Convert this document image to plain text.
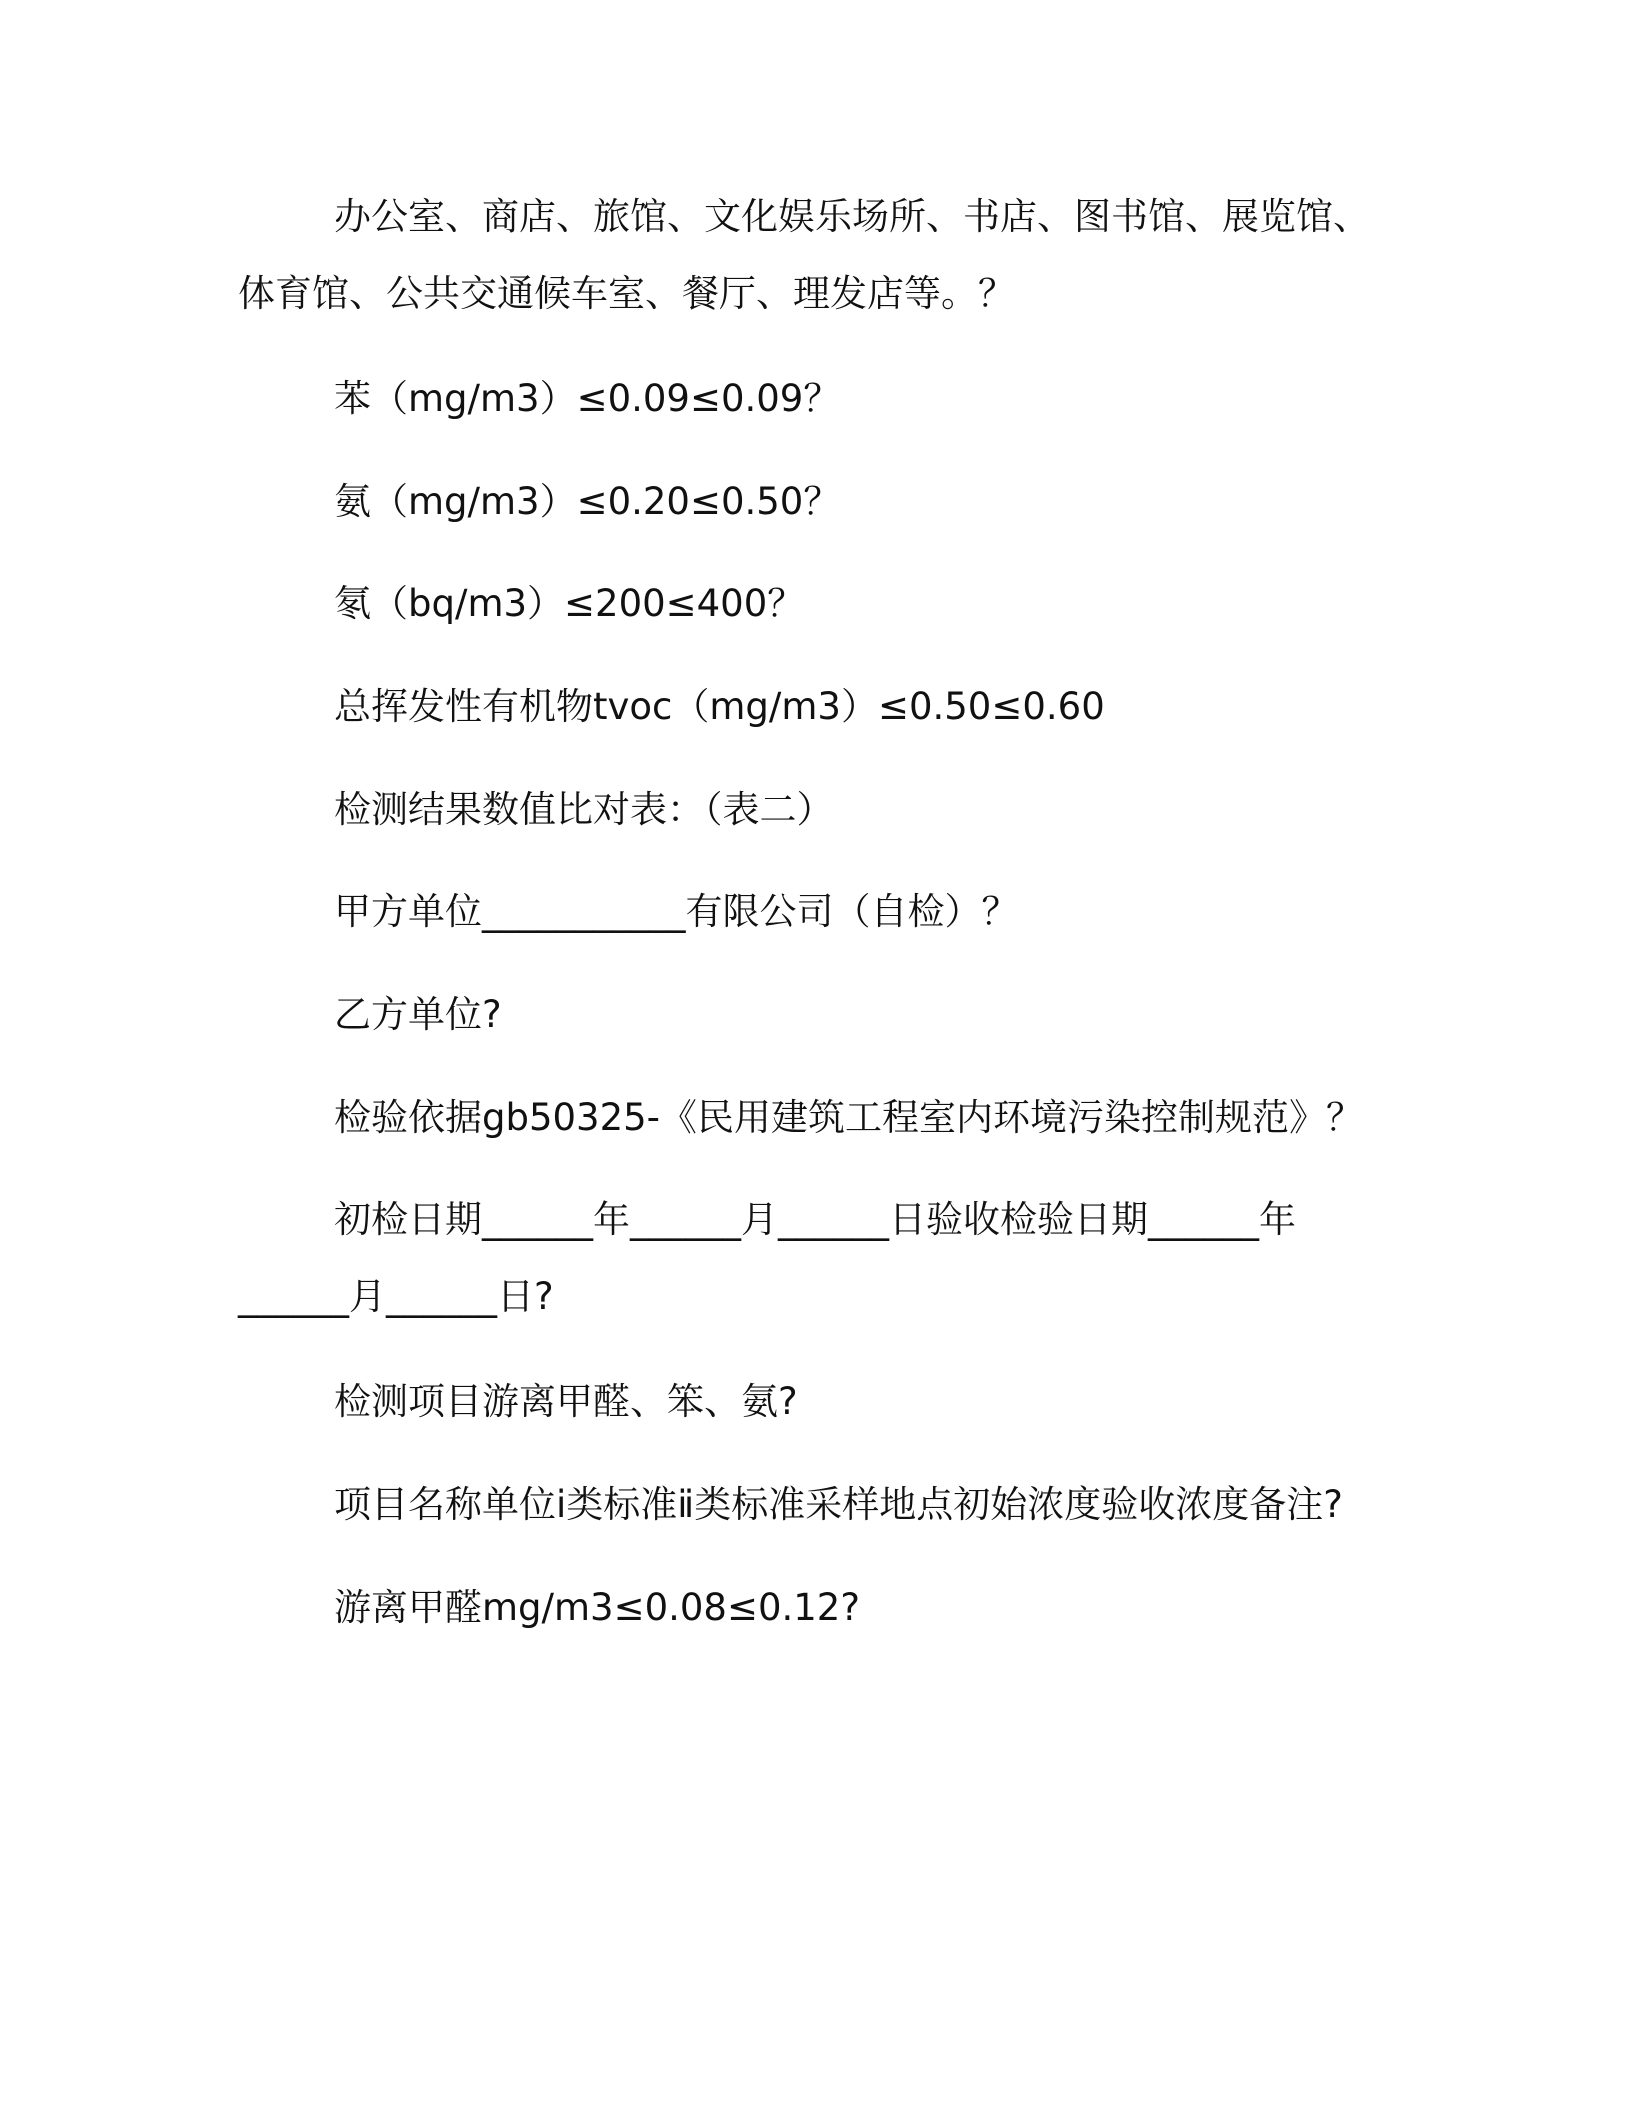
办公室、商店、旅馆、文化娱乐场所、书店、图书馆、展览馆、体育馆、公共交通候车室、餐厅、理发店等。？

苯（mg/m3）≤0.09≤0.09？

氨（mg/m3）≤0.20≤0.50？

氡（bq/m3）≤200≤400？

总挥发性有机物tvoc（mg/m3）≤0.50≤0.60

检测结果数值比对表：（表二）

甲方单位___________有限公司（自检）？

乙方单位?

检验依据gb50325-《民用建筑工程室内环境污染控制规范》？

初检日期______年______月______日验收检验日期______年______月______日?

检测项目游离甲醛、笨、氨?

项目名称单位ⅰ类标准ⅱ类标准采样地点初始浓度验收浓度备注?

游离甲醛mg/m3≤0.08≤0.12?
